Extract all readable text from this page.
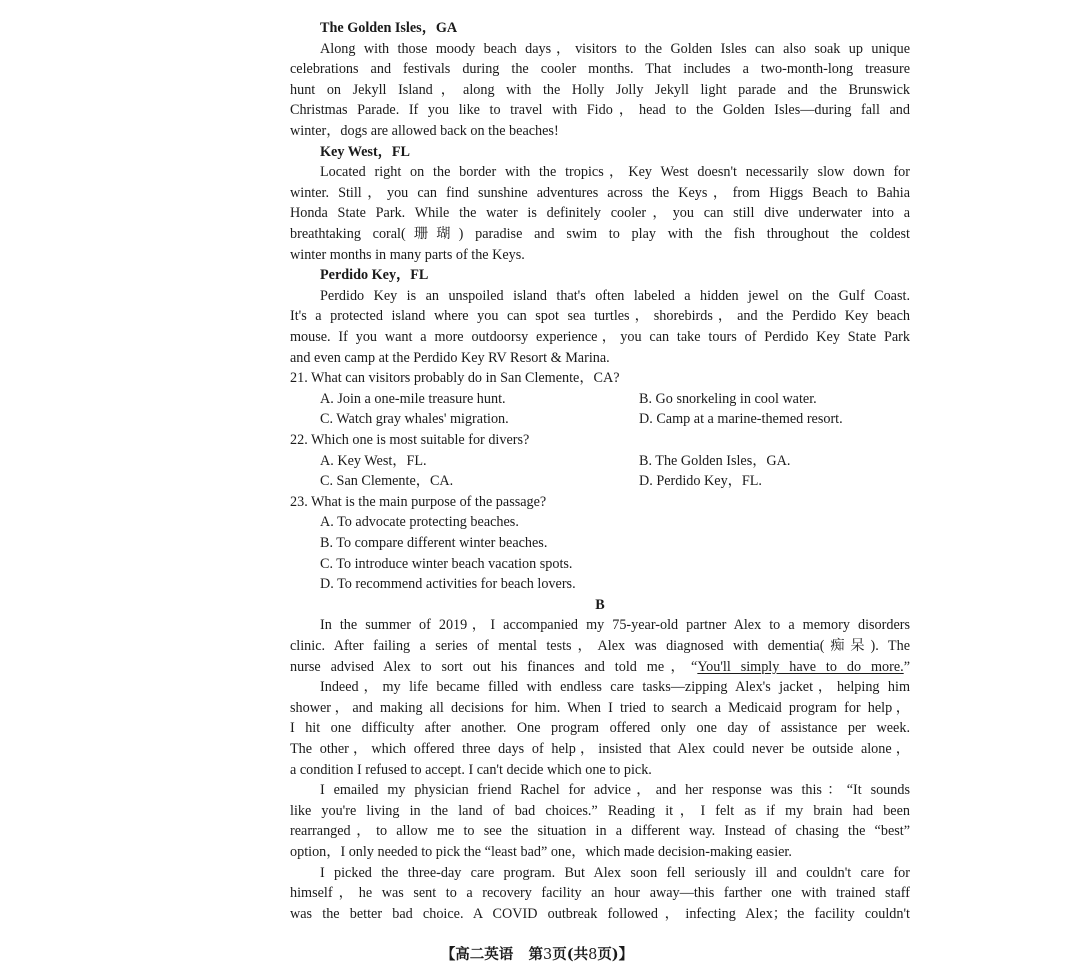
The Golden Isles，GA
Along with those moody beach days，visitors to the Golden Isles can also soak up unique
celebrations and festivals during the cooler months. That includes a two-month-long treasure
hunt on Jekyll Island，along with the Holly Jolly Jekyll light parade and the Brunswick
Christmas Parade. If you like to travel with Fido，head to the Golden Isles—during fall and
winter，dogs are allowed back on the beaches!
Key West，FL
Located right on the border with the tropics，Key West doesn't necessarily slow down for
winter. Still，you can find sunshine adventures across the Keys，from Higgs Beach to Bahia
Honda State Park. While the water is definitely cooler，you can still dive underwater into a
breathtaking coral(珊瑚) paradise and swim to play with the fish throughout the coldest
winter months in many parts of the Keys.
Perdido Key，FL
Perdido Key is an unspoiled island that's often labeled a hidden jewel on the Gulf Coast.
It's a protected island where you can spot sea turtles，shorebirds，and the Perdido Key beach
mouse. If you want a more outdoorsy experience，you can take tours of Perdido Key State Park
and even camp at the Perdido Key RV Resort & Marina.
21. What can visitors probably do in San Clemente，CA?
A. Join a one-mile treasure hunt.	B. Go snorkeling in cool water.
C. Watch gray whales' migration.	D. Camp at a marine-themed resort.
22. Which one is most suitable for divers?
A. Key West，FL.	B. The Golden Isles，GA.
C. San Clemente，CA.	D. Perdido Key，FL.
23. What is the main purpose of the passage?
A. To advocate protecting beaches.
B. To compare different winter beaches.
C. To introduce winter beach vacation spots.
D. To recommend activities for beach lovers.
B
In the summer of 2019，I accompanied my 75-year-old partner Alex to a memory disorders
clinic. After failing a series of mental tests，Alex was diagnosed with dementia(痴呆). The
nurse advised Alex to sort out his finances and told me，“You'll simply have to do more.”
Indeed，my life became filled with endless care tasks—zipping Alex's jacket，helping him
shower，and making all decisions for him. When I tried to search a Medicaid program for help，
I hit one difficulty after another. One program offered only one day of assistance per week.
The other，which offered three days of help，insisted that Alex could never be outside alone，
a condition I refused to accept. I can't decide which one to pick.
I emailed my physician friend Rachel for advice，and her response was this：“It sounds
like you're living in the land of bad choices.” Reading it，I felt as if my brain had been
rearranged，to allow me to see the situation in a different way. Instead of chasing the “best”
option，I only needed to pick the “least bad” one，which made decision-making easier.
I picked the three-day care program. But Alex soon fell seriously ill and couldn't care for
himself，he was sent to a recovery facility an hour away—this farther one with trained staff
was the better bad choice. A COVID outbreak followed，infecting Alex；the facility couldn't
【高二英语 第3页(共8页)】
